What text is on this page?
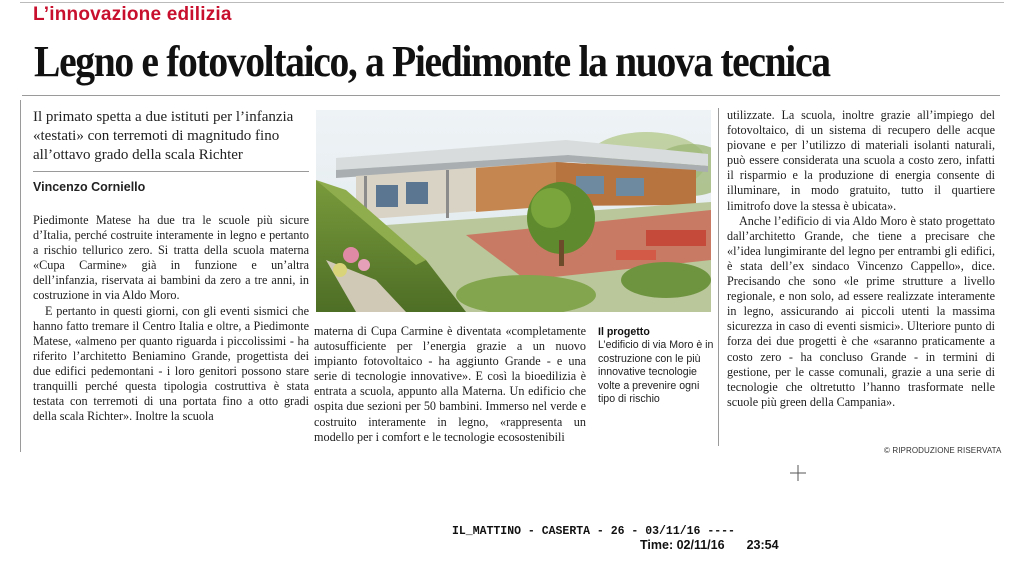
L’innovazione edilizia
Legno e fotovoltaico, a Piedimonte la nuova tecnica
Il primato spetta a due istituti per l’infanzia «testati» con terremoti di magnitudo fino all’ottavo grado della scala Richter
Vincenzo Corniello

Piedimonte Matese ha due tra le scuole più sicure d’Italia, perché costruite interamente in legno e pertanto a rischio tellurico zero. Si tratta della scuola materna «Cupa Carmine» già in funzione e un’altra dell’infanzia, riservata ai bambini da zero a tre anni, in costruzione in via Aldo Moro.

E pertanto in questi giorni, con gli eventi sismici che hanno fatto tremare il Centro Italia e oltre, a Piedimonte Matese, «almeno per quanto riguarda i piccolissimi - ha riferito l’architetto Beniamino Grande, progettista dei due edifici pedemontani - i loro genitori possono stare tranquilli perché questa tipologia costruttiva è stata testata con terremoti di una portata fino a otto gradi della scala Richter». Inoltre la scuola

materna di Cupa Carmine è diventata «completamente autosufficiente per l’energia grazie a un nuovo impianto fotovoltaico - ha aggiunto Grande - e una serie di tecnologie innovative». E così la bioedilizia è entrata a scuola, appunto alla Materna. Un edificio che ospita due sezioni per 50 bambini. Immerso nel verde e costruito interamente in legno, «rappresenta un modello per i comfort e le tecnologie ecosostenibili

Il progetto
L’edificio di via Moro è in costruzione con le più innovative tecnologie volte a prevenire ogni tipo di rischio

utilizzate. La scuola, inoltre grazie all’impiego del fotovoltaico, di un sistema di recupero delle acque piovane e per l’utilizzo di materiali isolanti naturali, può essere considerata una scuola a costo zero, infatti il risparmio e la produzione di energia consente di illuminare, in modo gratuito, tutto il quartiere limitrofo dove la stessa è ubicata».

Anche l’edificio di via Aldo Moro è stato progettato dall’architetto Grande, che tiene a precisare che «l’idea lungimirante del legno per entrambi gli edifici, è stata dell’ex sindaco Vincenzo Cappello», dice. Precisando che sono «le prime strutture a livello regionale, e non solo, ad essere realizzate interamente in legno, assicurando ai piccoli utenti la massima sicurezza in caso di eventi sismici». Ulteriore punto di forza dei due progetti è che «saranno praticamente a costo zero - ha concluso Grande - in termini di gestione, per le casse comunali, grazie a una serie di tecnologie che oltretutto l’hanno trasformate nelle scuole più green della Campania».

© RIPRODUZIONE RISERVATA
IL_MATTINO - CASERTA - 26 - 03/11/16 ----
Time: 02/11/16 23:54
